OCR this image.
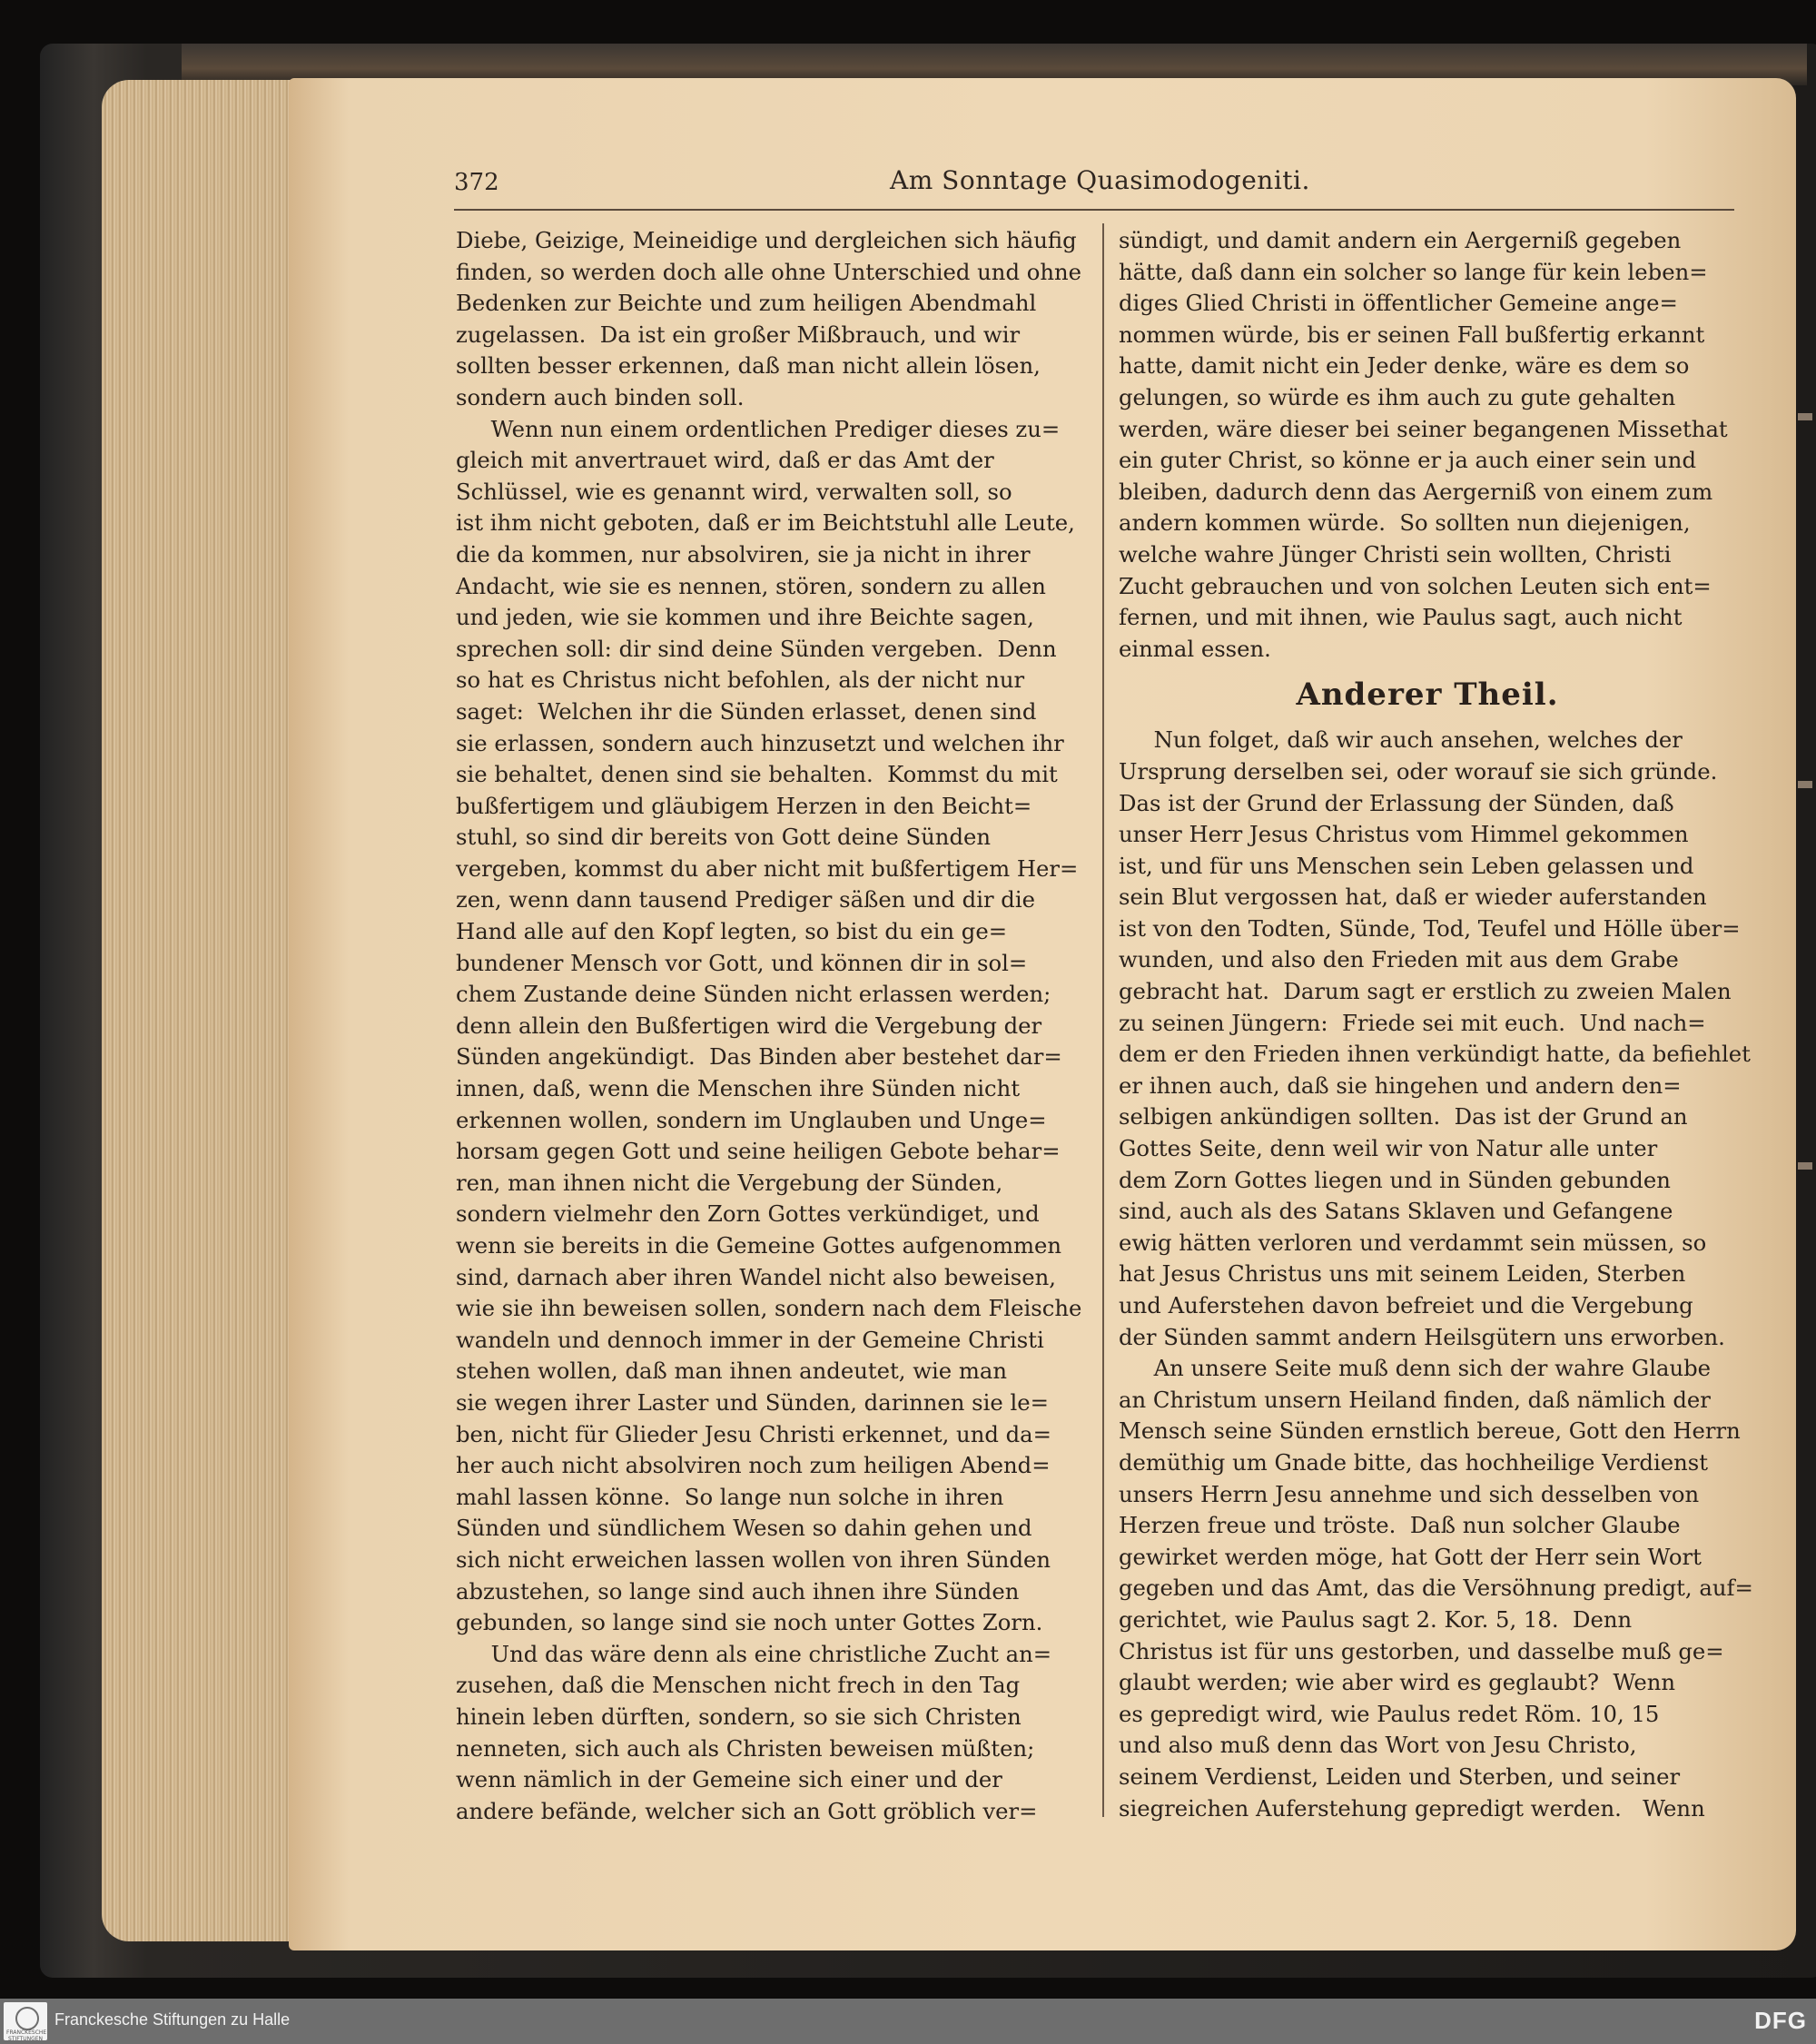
372	Am Sonntage Quasimodogeniti.
Diebe, Geizige, Meineidige und dergleichen sich häufig
finden, so werden doch alle ohne Unterschied und ohne
Bedenken zur Beichte und zum heiligen Abendmahl
zugelassen.  Da ist ein großer Mißbrauch, und wir
sollten besser erkennen, daß man nicht allein lösen,
sondern auch binden soll.
Wenn nun einem ordentlichen Prediger dieses zu=
gleich mit anvertrauet wird, daß er das Amt der
Schlüssel, wie es genannt wird, verwalten soll, so
ist ihm nicht geboten, daß er im Beichtstuhl alle Leute,
die da kommen, nur absolviren, sie ja nicht in ihrer
Andacht, wie sie es nennen, stören, sondern zu allen
und jeden, wie sie kommen und ihre Beichte sagen,
sprechen soll: dir sind deine Sünden vergeben.  Denn
so hat es Christus nicht befohlen, als der nicht nur
saget:  Welchen ihr die Sünden erlasset, denen sind
sie erlassen, sondern auch hinzusetzt und welchen ihr
sie behaltet, denen sind sie behalten.  Kommst du mit
bußfertigem und gläubigem Herzen in den Beicht=
stuhl, so sind dir bereits von Gott deine Sünden
vergeben, kommst du aber nicht mit bußfertigem Her=
zen, wenn dann tausend Prediger säßen und dir die
Hand alle auf den Kopf legten, so bist du ein ge=
bundener Mensch vor Gott, und können dir in sol=
chem Zustande deine Sünden nicht erlassen werden;
denn allein den Bußfertigen wird die Vergebung der
Sünden angekündigt.  Das Binden aber bestehet dar=
innen, daß, wenn die Menschen ihre Sünden nicht
erkennen wollen, sondern im Unglauben und Unge=
horsam gegen Gott und seine heiligen Gebote behar=
ren, man ihnen nicht die Vergebung der Sünden,
sondern vielmehr den Zorn Gottes verkündiget, und
wenn sie bereits in die Gemeine Gottes aufgenommen
sind, darnach aber ihren Wandel nicht also beweisen,
wie sie ihn beweisen sollen, sondern nach dem Fleische
wandeln und dennoch immer in der Gemeine Christi
stehen wollen, daß man ihnen andeutet, wie man
sie wegen ihrer Laster und Sünden, darinnen sie le=
ben, nicht für Glieder Jesu Christi erkennet, und da=
her auch nicht absolviren noch zum heiligen Abend=
mahl lassen könne.  So lange nun solche in ihren
Sünden und sündlichem Wesen so dahin gehen und
sich nicht erweichen lassen wollen von ihren Sünden
abzustehen, so lange sind auch ihnen ihre Sünden
gebunden, so lange sind sie noch unter Gottes Zorn.
Und das wäre denn als eine christliche Zucht an=
zusehen, daß die Menschen nicht frech in den Tag
hinein leben dürften, sondern, so sie sich Christen
nenneten, sich auch als Christen beweisen müßten;
wenn nämlich in der Gemeine sich einer und der
andere befände, welcher sich an Gott gröblich ver=
sündigt, und damit andern ein Aergerniß gegeben
hätte, daß dann ein solcher so lange für kein leben=
diges Glied Christi in öffentlicher Gemeine ange=
nommen würde, bis er seinen Fall bußfertig erkannt
hatte, damit nicht ein Jeder denke, wäre es dem so
gelungen, so würde es ihm auch zu gute gehalten
werden, wäre dieser bei seiner begangenen Missethat
ein guter Christ, so könne er ja auch einer sein und
bleiben, dadurch denn das Aergerniß von einem zum
andern kommen würde.  So sollten nun diejenigen,
welche wahre Jünger Christi sein wollten, Christi
Zucht gebrauchen und von solchen Leuten sich ent=
fernen, und mit ihnen, wie Paulus sagt, auch nicht
einmal essen.
Anderer Theil.
Nun folget, daß wir auch ansehen, welches der
Ursprung derselben sei, oder worauf sie sich gründe.
Das ist der Grund der Erlassung der Sünden, daß
unser Herr Jesus Christus vom Himmel gekommen
ist, und für uns Menschen sein Leben gelassen und
sein Blut vergossen hat, daß er wieder auferstanden
ist von den Todten, Sünde, Tod, Teufel und Hölle über=
wunden, und also den Frieden mit aus dem Grabe
gebracht hat.  Darum sagt er erstlich zu zweien Malen
zu seinen Jüngern:  Friede sei mit euch.  Und nach=
dem er den Frieden ihnen verkündigt hatte, da befiehlet
er ihnen auch, daß sie hingehen und andern den=
selbigen ankündigen sollten.  Das ist der Grund an
Gottes Seite, denn weil wir von Natur alle unter
dem Zorn Gottes liegen und in Sünden gebunden
sind, auch als des Satans Sklaven und Gefangene
ewig hätten verloren und verdammt sein müssen, so
hat Jesus Christus uns mit seinem Leiden, Sterben
und Auferstehen davon befreiet und die Vergebung
der Sünden sammt andern Heilsgütern uns erworben.
An unsere Seite muß denn sich der wahre Glaube
an Christum unsern Heiland finden, daß nämlich der
Mensch seine Sünden ernstlich bereue, Gott den Herrn
demüthig um Gnade bitte, das hochheilige Verdienst
unsers Herrn Jesu annehme und sich desselben von
Herzen freue und tröste.  Daß nun solcher Glaube
gewirket werden möge, hat Gott der Herr sein Wort
gegeben und das Amt, das die Versöhnung predigt, auf=
gerichtet, wie Paulus sagt 2. Kor. 5, 18.  Denn
Christus ist für uns gestorben, und dasselbe muß ge=
glaubt werden; wie aber wird es geglaubt?  Wenn
es gepredigt wird, wie Paulus redet Röm. 10, 15
und also muß denn das Wort von Jesu Christo,
seinem Verdienst, Leiden und Sterben, und seiner
siegreichen Auferstehung gepredigt werden.   Wenn
FRANCKESCHE STIFTUNGEN
Franckesche Stiftungen zu Halle	DFG
